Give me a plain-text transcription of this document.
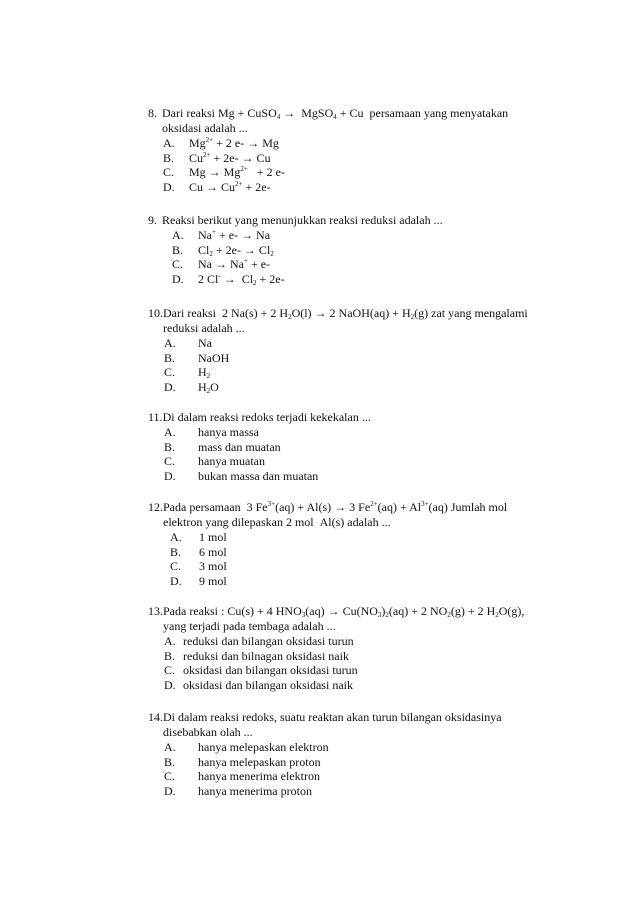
8. Dari reaksi Mg + CuSO$_4$ →  MgSO$_4$ + Cu  persamaan yang menyatakan oksidasi adalah ...
A.	$Mg^{2+} + 2$ e- → Mg
B.	$Cu^{2+} + 2e- \to Cu$
C.	$Mg \to Mg^{2+} + 2$ e-
D.	$Cu \to Cu^{2+} + 2e-$
9. Reaksi berikut yang menunjukkan reaksi reduksi adalah ...
A.	Na+ + e- → Na
B.	$Cl_2 + 2e- \to Cl_2$
C.	Na → Na+ + e-
D.	2 $Cl^- \to Cl_2 + 2e-$
10. Dari reaksi  2 Na(s) + 2 $H_2O(l) \to 2$ NaOH(aq) + $H_2(g)$ zat yang mengalami reduksi adalah ...
A.	Na
B.	NaOH
C.	$H_2$
D.	$H_2O$
11. Di dalam reaksi redoks terjadi kekekalan ...
A.	hanya massa
B.	mass dan muatan
C.	hanya muatan
D.	bukan massa dan muatan
12. Pada persamaan  3 $Fe^{3+}(aq) + Al(s) \to 3$ $Fe^{2+}(aq) + Al^{3+}(aq)$ Jumlah mol elektron yang dilepaskan 2 mol  Al(s) adalah ...
A.	1 mol
B.	6 mol
C.	3 mol
D.	9 mol
13. Pada reaksi : Cu(s) + 4 $HNO_3(aq) \to Cu(NO_3)_2(aq) + 2$ $NO_2(g) + 2$ $H_2O(g)$, yang terjadi pada tembaga adalah ...
A. reduksi dan bilangan oksidasi turun
B. reduksi dan bilnagan oksidasi naik
C. oksidasi dan bilangan oksidasi turun
D. oksidasi dan bilangan oksidasi naik
14. Di dalam reaksi redoks, suatu reaktan akan turun bilangan oksidasinya disebabkan olah ...
A.	hanya melepaskan elektron
B.	hanya melepaskan proton
C.	hanya menerima elektron
D.	hanya menerima proton
